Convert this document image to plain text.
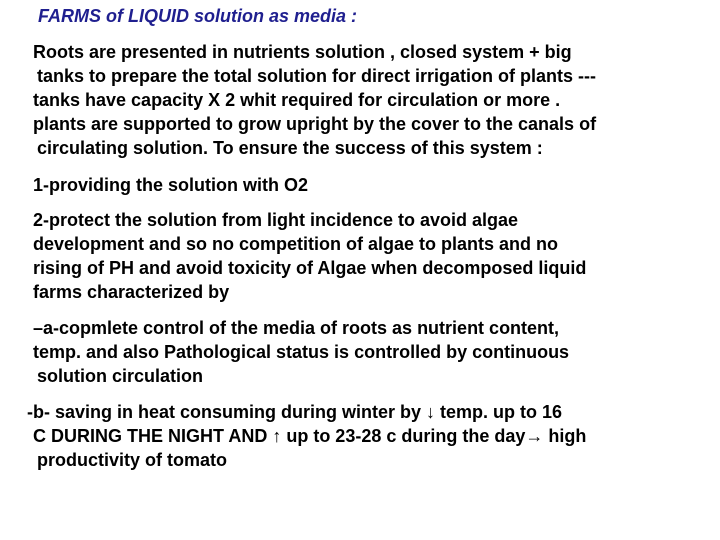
FARMS of LIQUID solution as media :
Roots are presented in nutrients solution , closed system + big
tanks to prepare the total solution for direct irrigation of plants ---
tanks have capacity X 2 whit required for circulation or more .
plants are supported to grow upright by the cover to the canals of
circulating solution. To ensure the success of this system :
1-providing the solution with O2
2-protect the solution from light incidence to avoid algae
development and so no competition of algae to plants and no
rising of PH and avoid toxicity of Algae when decomposed liquid
farms characterized by
–a-copmlete control of the media of roots as nutrient content,
temp. and also Pathological status is controlled by continuous
solution circulation
-b- saving in heat consuming during winter by ↓ temp. up to 16
C DURING THE NIGHT AND ↑ up to 23-28 c during the day→ high
productivity of tomato
